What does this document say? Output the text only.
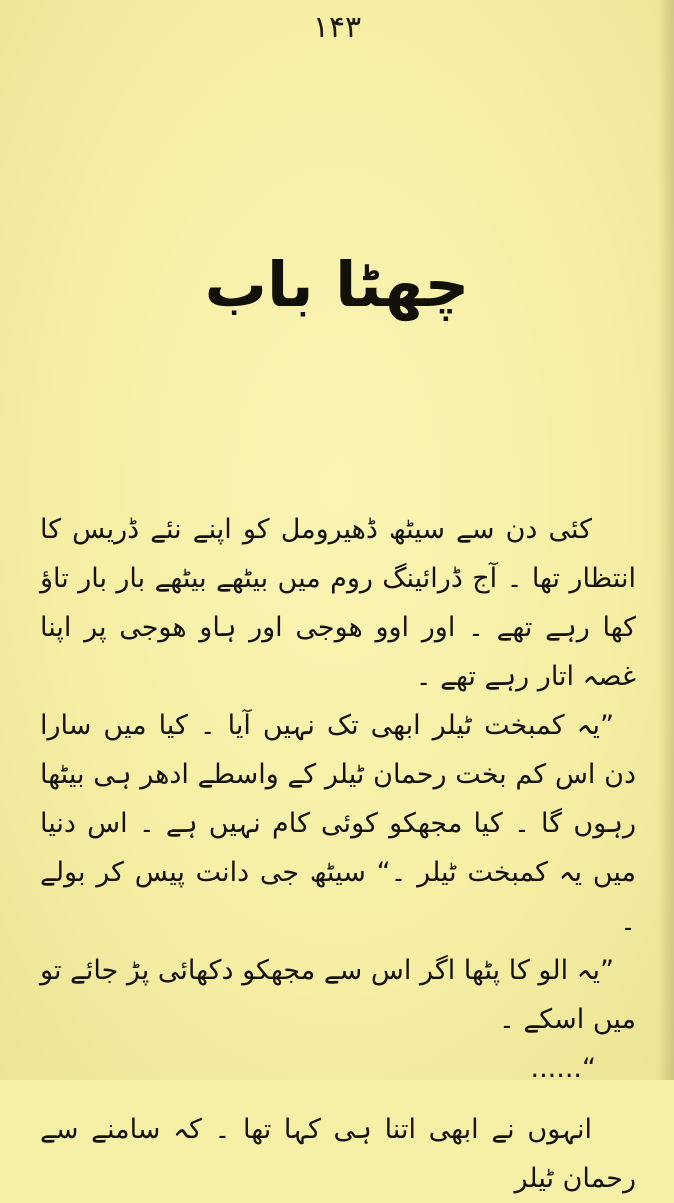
۱۴۳
چھٹا باب

کئی دن سے سیٹھ ڈھیرومل کو اپنے نئے ڈریس کا انتظار تھا ۔ آج ڈرائینگ روم میں بیٹھے بیٹھے بار بار تاؤ کھا رہے تھے ۔ اور اوو ھوجی اور ہاو ھوجی پر اپنا غصہ اتار رہے تھے ۔

”یہ کمبخت ٹیلر ابھی تک نہیں آیا ۔ کیا میں سارا دن اس کم بخت رحمان ٹیلر کے واسطے ادھر ہی بیٹھا رہوں گا ۔ کیا مجھکو کوئی کام نہیں ہے ۔ اس دنیا میں یہ کمبخت ٹیلر ۔“ سیٹھ جی دانت پیس کر بولے ۔

”یہ الو کا پٹھا اگر اس سے مجھکو دکھائی پڑ جائے تو میں اسکے ۔

“......

انہوں نے ابھی اتنا ہی کہا تھا ۔ کہ سامنے سے رحمان ٹیلر
